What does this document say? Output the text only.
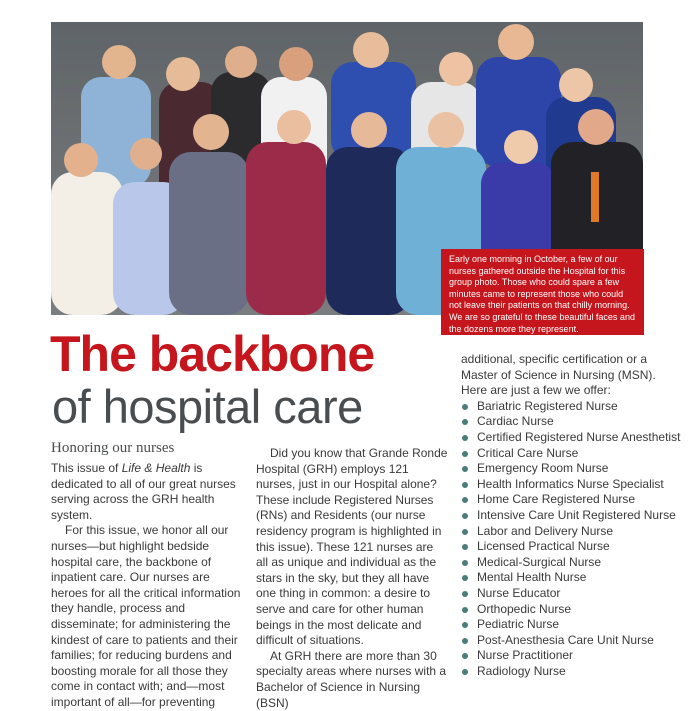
Early one morning in October, a few of our nurses gathered outside the Hospital for this group photo. Those who could spare a few minutes came to represent those who could not leave their patients on that chilly morning. We are so grateful to these beautiful faces and the dozens more they represent.
The backbone
of hospital care
Honoring our nurses

This issue of Life & Health is dedicated to all of our great nurses serving across the GRH health system.

For this issue, we honor all our nurses—but highlight bedside hospital care, the backbone of inpatient care. Our nurses are heroes for all the critical information they handle, process and disseminate; for administering the kindest of care to patients and their families; for reducing burdens and boosting morale for all those they come in contact with; and—most important of all—for preventing

Did you know that Grande Ronde Hospital (GRH) employs 121 nurses, just in our Hospital alone? These include Registered Nurses (RNs) and Residents (our nurse residency program is highlighted in this issue). These 121 nurses are all as unique and individual as the stars in the sky, but they all have one thing in common: a desire to serve and care for other human beings in the most delicate and difficult of situations.

At GRH there are more than 30 specialty areas where nurses with a Bachelor of Science in Nursing (BSN)

additional, specific certification or a Master of Science in Nursing (MSN). Here are just a few we offer:

Bariatric Registered Nurse
Cardiac Nurse
Certified Registered Nurse Anesthetist
Critical Care Nurse
Emergency Room Nurse
Health Informatics Nurse Specialist
Home Care Registered Nurse
Intensive Care Unit Registered Nurse
Labor and Delivery Nurse
Licensed Practical Nurse
Medical-Surgical Nurse
Mental Health Nurse
Nurse Educator
Orthopedic Nurse
Pediatric Nurse
Post-Anesthesia Care Unit Nurse
Nurse Practitioner
Radiology Nurse
